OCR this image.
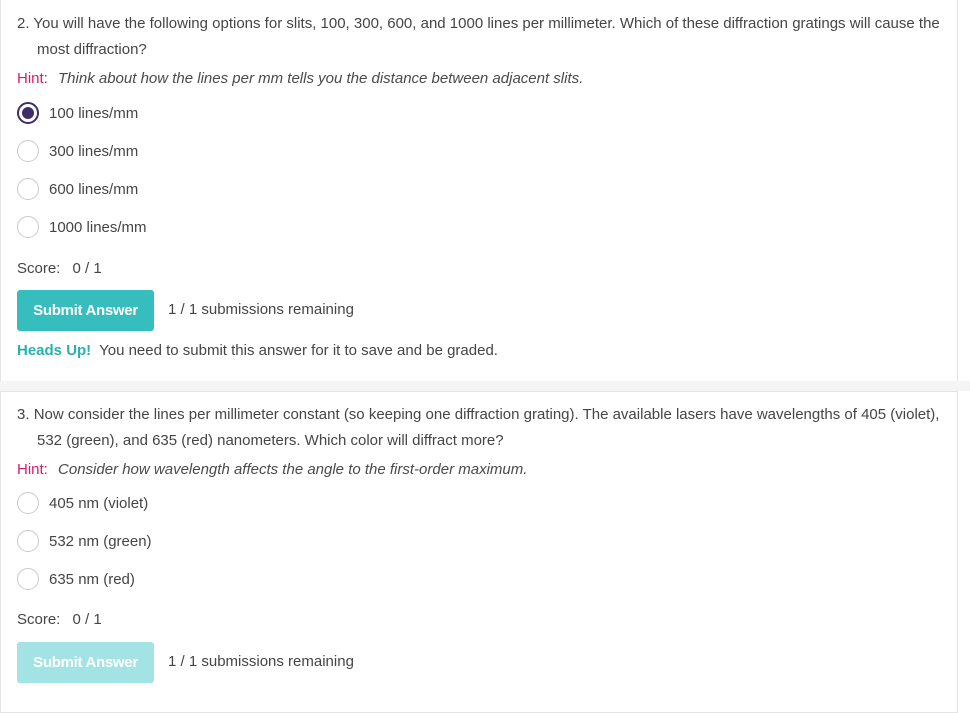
2. You will have the following options for slits, 100, 300, 600, and 1000 lines per millimeter. Which of these diffraction gratings will cause the most diffraction?
Hint: Think about how the lines per mm tells you the distance between adjacent slits.
100 lines/mm
300 lines/mm
600 lines/mm
1000 lines/mm
Score: 0 / 1
Submit Answer	1 / 1 submissions remaining
Heads Up! You need to submit this answer for it to save and be graded.
3. Now consider the lines per millimeter constant (so keeping one diffraction grating). The available lasers have wavelengths of 405 (violet), 532 (green), and 635 (red) nanometers. Which color will diffract more?
Hint: Consider how wavelength affects the angle to the first-order maximum.
405 nm (violet)
532 nm (green)
635 nm (red)
Score: 0 / 1
Submit Answer	1 / 1 submissions remaining
